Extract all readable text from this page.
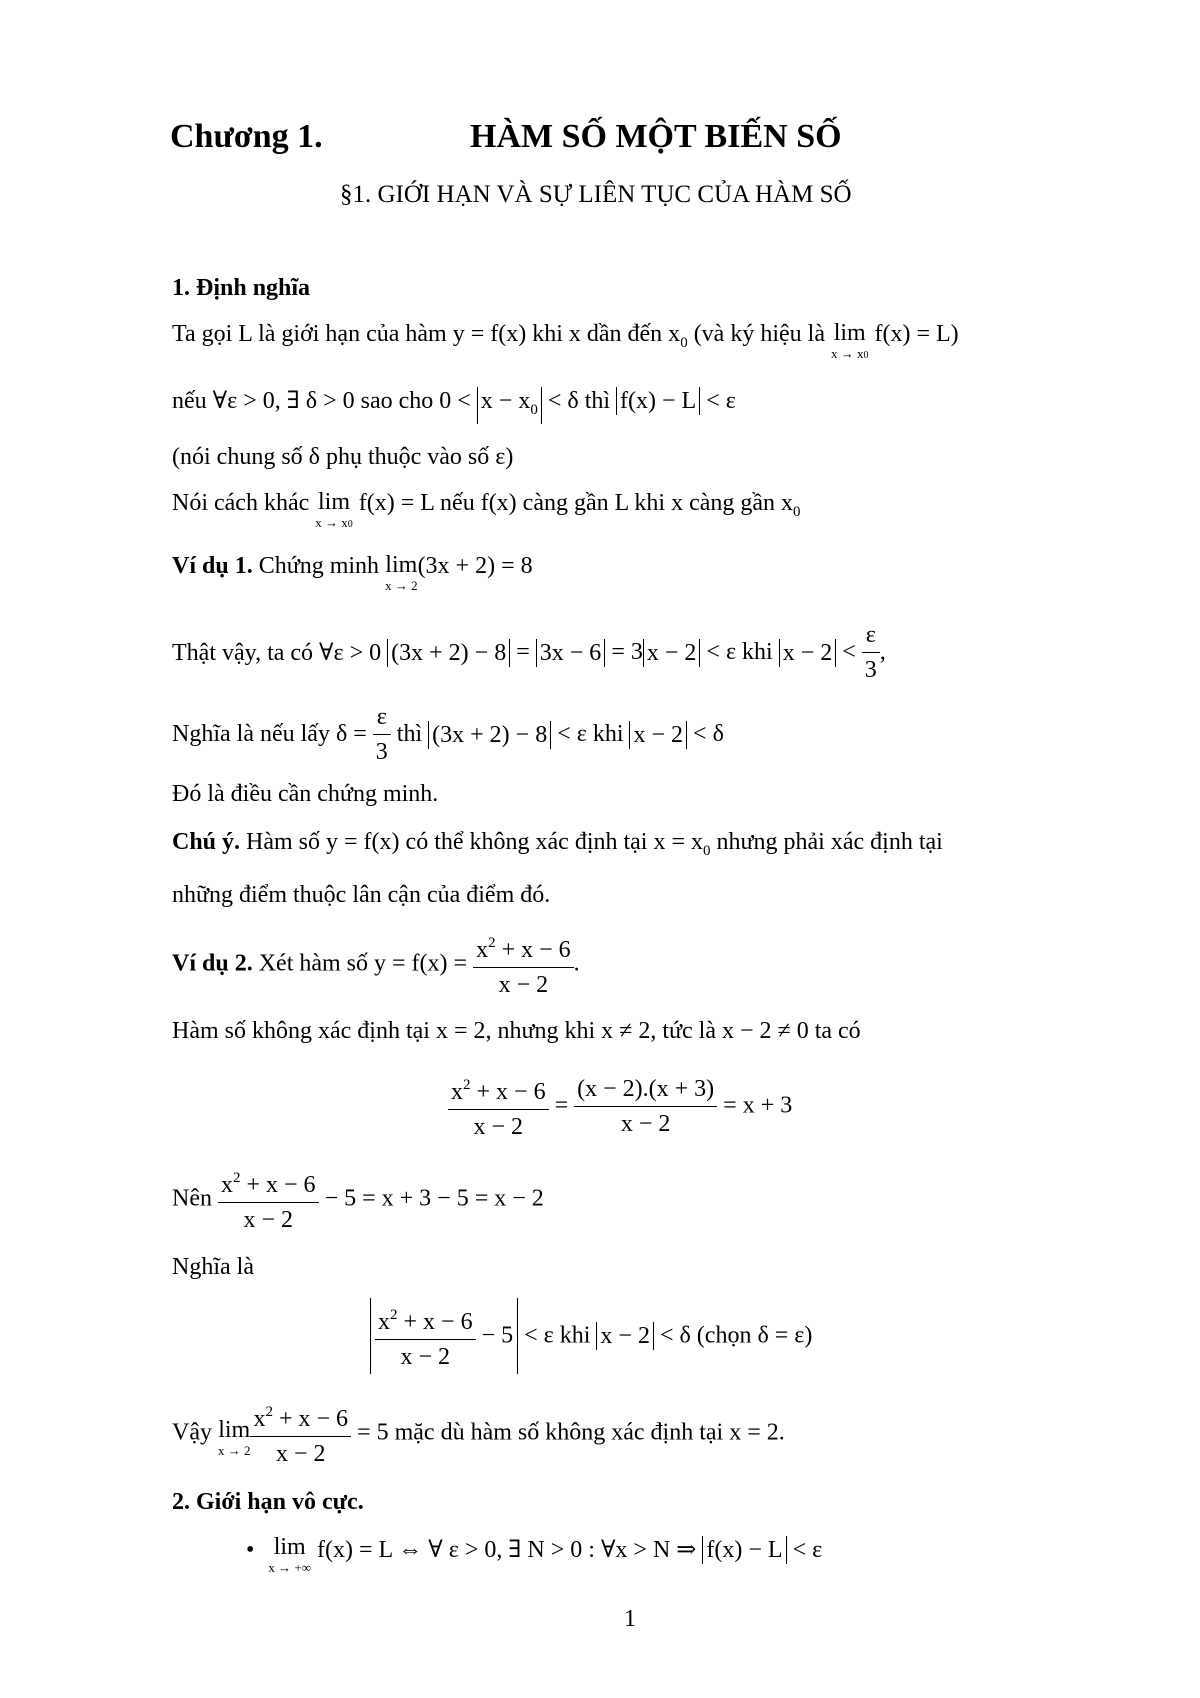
Chương 1.	HÀM SỐ MỘT BIẾN SỐ
§1. GIỚI HẠN VÀ SỰ LIÊN TỤC CỦA HÀM SỐ
1. Định nghĩa
Ta gọi L là giới hạn của hàm y = f(x) khi x dần đến $x_0$ (và ký hiệu là lim
x → x0
f(x) = L)
nếu ∀ε > 0, ∃ δ > 0 sao cho $0 < x - x_0 < \delta$ thì f(x) − L < ε
(nói chung số δ phụ thuộc vào số ε)
Nói cách khác lim
x → x0
f(x) = L nếu f(x) càng gần L khi x càng gần $x_0$
Ví dụ 1. Chứng minh lim
x → 2
(3x + 2) = 8
Thật vậy, ta có ∀ε > 0 (3x + 2) − 8 = 3x − 6 = 3 x − 2 < ε khi $x - 2 < \frac{\varepsilon}{3}$ ,
Nghĩa là nếu lấy $\delta = \frac{\varepsilon}{3}$ thì (3x + 2) − 8 < ε khi x − 2 < δ
Đó là điều cần chứng minh.
Chú ý. Hàm số y = f(x) có thể không xác định tại $x = x_0$ nhưng phải xác định tại
những điểm thuộc lân cận của điểm đó.
Ví dụ 2. Xét hàm số $y = f(x) = \frac{x^2 + x - 6}{x - 2}$ .
Hàm số không xác định tại x = 2, nhưng khi x ≠ 2, tức là x − 2 ≠ 0 ta có
$\frac{x^2 + x - 6}{x - 2} = \frac{(x - 2).(x + 3)}{x - 2} = x + 3$
Nên $\frac{x^2 + x - 6}{x - 2} - 5 = x + 3 - 5 = x - 2$
Nghĩa là
$\frac{x^2 + x - 6}{x - 2} - 5 < \varepsilon$ khi x − 2 < δ (chọn δ = ε)
Vậy lim
$x \to 2 \frac{x^2 + x - 6}{x - 2} = 5$ mặc dù hàm số không xác định tại x = 2.
2. Giới hạn vô cực.
• lim
x → +∞
f(x) = L ⇔ ∀ ε > 0, ∃ N > 0 : ∀x > N ⇒ f(x) − L < ε
1
